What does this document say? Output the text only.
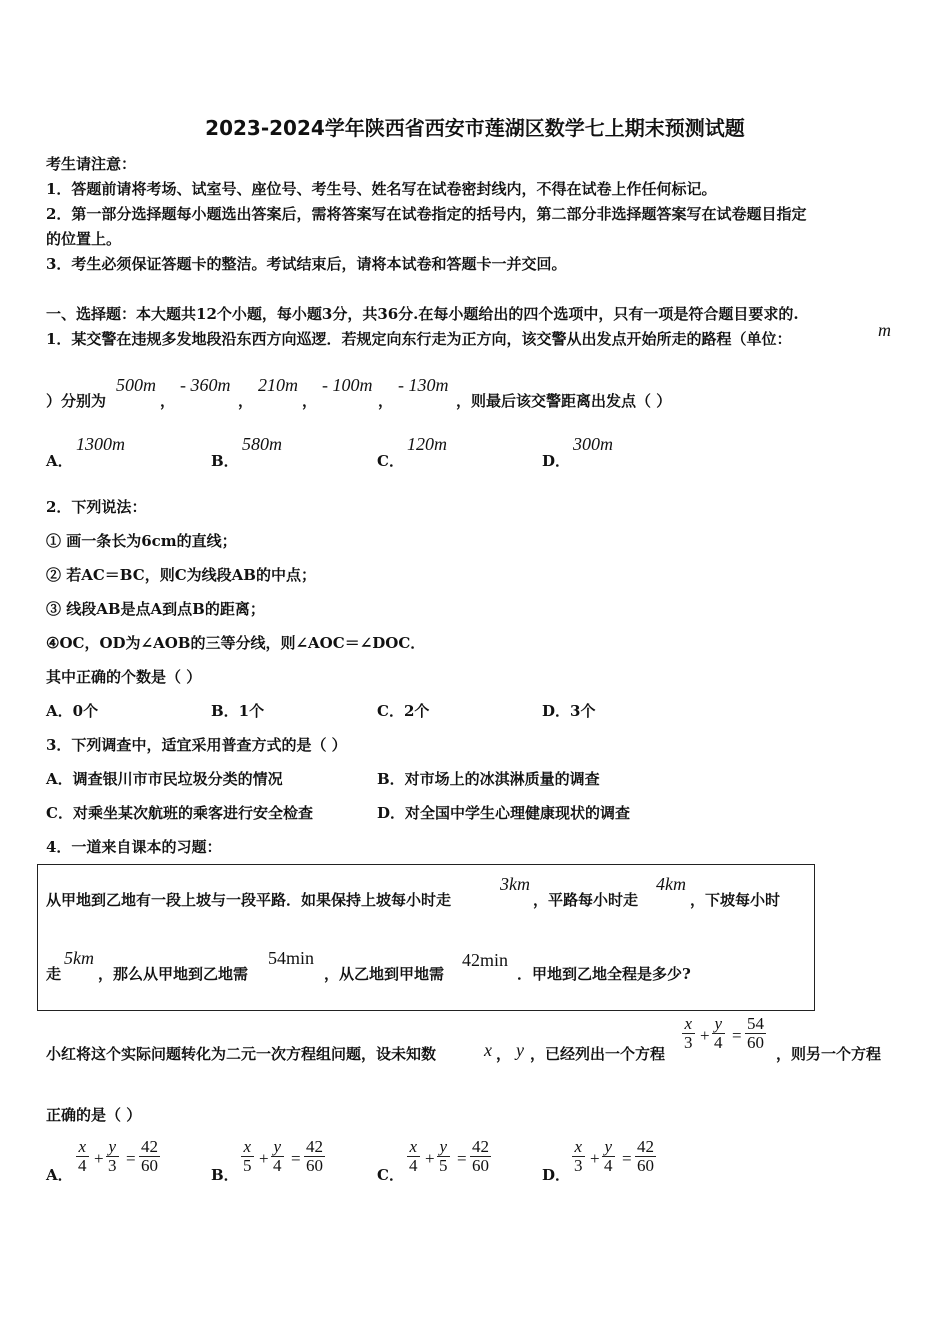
2023-2024学年陕西省西安市莲湖区数学七上期末预测试题
考生请注意：
1．答题前请将考场、试室号、座位号、考生号、姓名写在试卷密封线内，不得在试卷上作任何标记。
2．第一部分选择题每小题选出答案后，需将答案写在试卷指定的括号内，第二部分非选择题答案写在试卷题目指定
的位置上。
3．考生必须保证答题卡的整洁。考试结束后，请将本试卷和答题卡一并交回。
一、选择题：本大题共12个小题，每小题3分，共36分.在每小题给出的四个选项中，只有一项是符合题目要求的.
1．某交警在违规多发地段沿东西方向巡逻．若规定向东行走为正方向，该交警从出发点开始所走的路程（单位：	m
）分别为
500m
，
- 360m
，
210m
，
- 100m
，
- 130m
，则最后该交警距离出发点（ ）
A．
1300m
B．
580m
C．
120m
D．
300m
2．下列说法：
① 画一条长为6cm的直线；
② 若AC＝BC，则C为线段AB的中点；
③ 线段AB是点A到点B的距离；
④OC，OD为∠AOB的三等分线，则∠AOC＝∠DOC．
其中正确的个数是（ ）
A．0个	B．1个	C．2个	D．3个
3．下列调查中，适宜采用普查方式的是（ ）
A．调查银川市市民垃圾分类的情况	B．对市场上的冰淇淋质量的调查
C．对乘坐某次航班的乘客进行安全检查	D．对全国中学生心理健康现状的调查
4．一道来自课本的习题：
从甲地到乙地有一段上坡与一段平路．如果保持上坡每小时走
3km
，平路每小时走
4km
，下坡每小时
走
5km
，那么从甲地到乙地需
54min
，从乙地到甲地需
42min
．甲地到乙地全程是多少?
小红将这个实际问题转化为二元一次方程组问题，设未知数	x ， y ，已经列出一个方程
$\frac{x}{3} + \frac{y}{4} = \frac{54}{60}$
，则另一个方程
正确的是（ ）
A． $\frac{x}{4} + \frac{y}{3} = \frac{42}{60}$	B． $\frac{x}{5} + \frac{y}{4} = \frac{42}{60}$	C． $\frac{x}{4} + \frac{y}{5} = \frac{42}{60}$	D． $\frac{x}{3} + \frac{y}{4} = \frac{42}{60}$
